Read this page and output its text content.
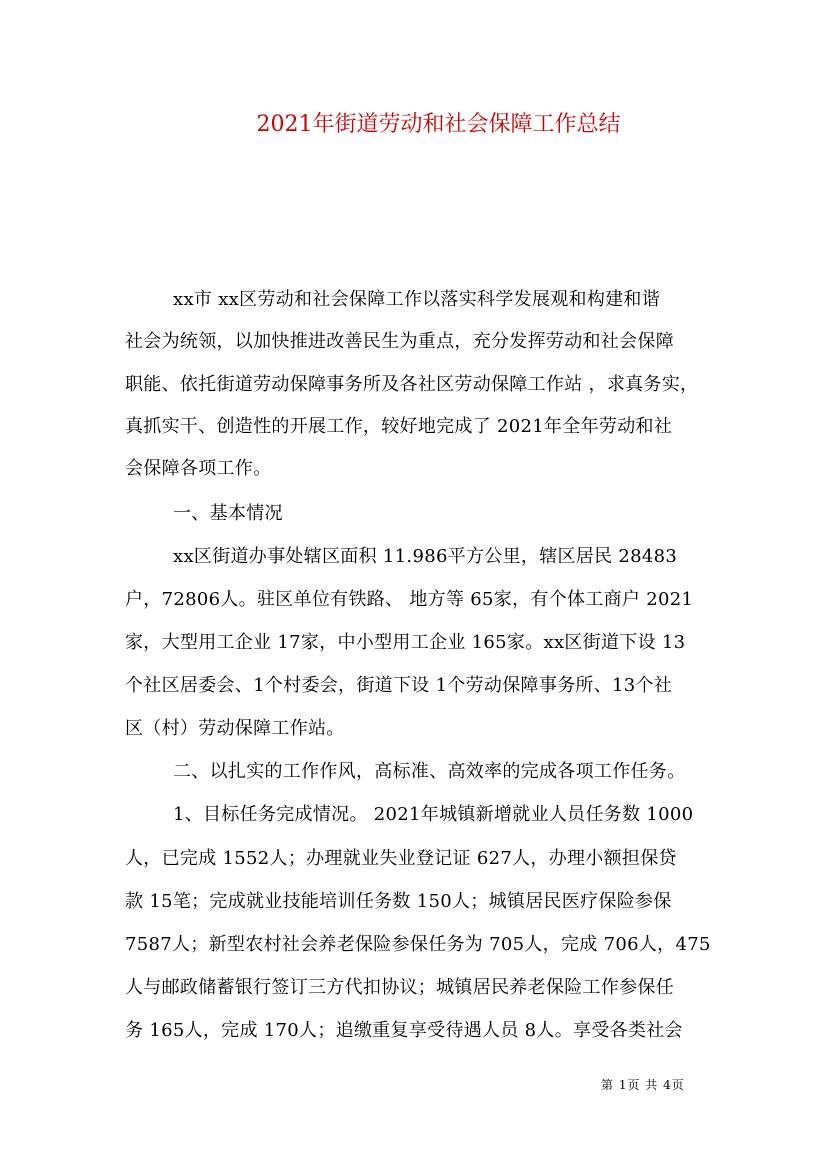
2021年街道劳动和社会保障工作总结
xx市 xx区劳动和社会保障工作以落实科学发展观和构建和谐
社会为统领，以加快推进改善民生为重点，充分发挥劳动和社会保障
职能、依托街道劳动保障事务所及各社区劳动保障工作站 ，求真务实，
真抓实干、创造性的开展工作，较好地完成了 2021年全年劳动和社
会保障各项工作。
一、基本情况
xx区街道办事处辖区面积 11.986平方公里，辖区居民 28483
户，72806人。驻区单位有铁路、 地方等 65家，有个体工商户 2021
家，大型用工企业 17家，中小型用工企业 165家。xx区街道下设 13
个社区居委会、1个村委会，街道下设 1个劳动保障事务所、13个社
区（村）劳动保障工作站。
二、以扎实的工作作风，高标准、高效率的完成各项工作任务。
1、目标任务完成情况。 2021年城镇新增就业人员任务数 1000
人，已完成 1552人；办理就业失业登记证 627人，办理小额担保贷
款 15笔；完成就业技能培训任务数 150人；城镇居民医疗保险参保
7587人；新型农村社会养老保险参保任务为 705人，完成 706人，475
人与邮政储蓄银行签订三方代扣协议；城镇居民养老保险工作参保任
务 165人，完成 170人；追缴重复享受待遇人员 8人。享受各类社会
第 1页 共 4页
